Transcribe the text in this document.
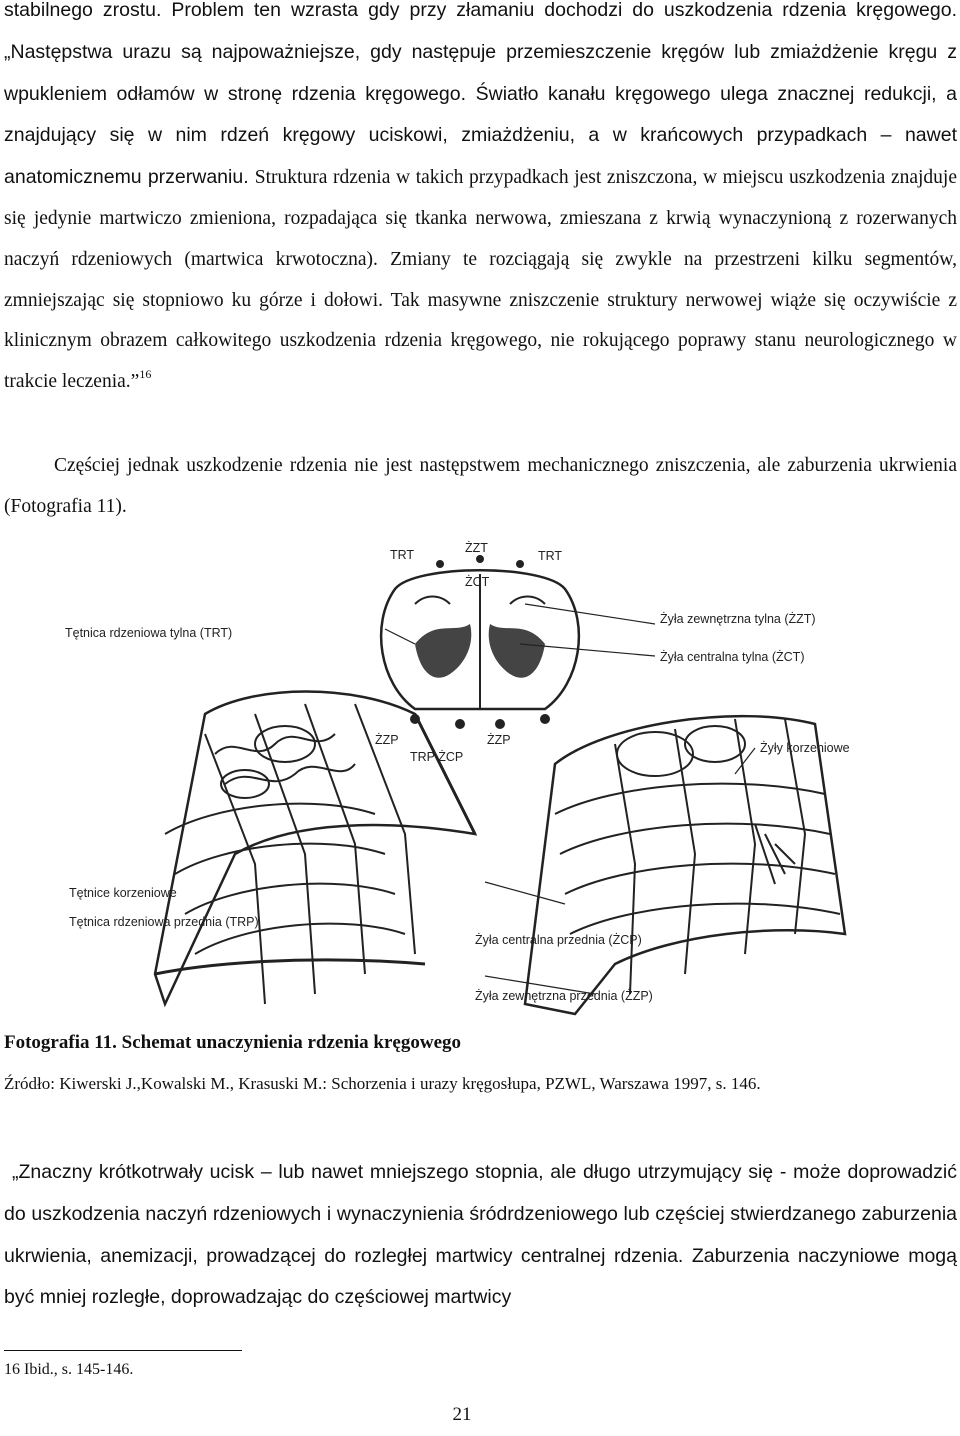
stabilnego zrostu. Problem ten wzrasta gdy przy złamaniu dochodzi do uszkodzenia rdzenia kręgowego. „Następstwa urazu są najpoważniejsze, gdy następuje przemieszczenie kręgów lub zmiażdżenie kręgu z wpukleniem odłamów w stronę rdzenia kręgowego. Światło kanału kręgowego ulega znacznej redukcji, a znajdujący się w nim rdzeń kręgowy uciskowi, zmiażdżeniu, a w krańcowych przypadkach – nawet anatomicznemu przerwaniu. Struktura rdzenia w takich przypadkach jest zniszczona, w miejscu uszkodzenia znajduje się jedynie martwiczo zmieniona, rozpadająca się tkanka nerwowa, zmieszana z krwią wynaczynioną z rozerwanych naczyń rdzeniowych (martwica krwotoczna). Zmiany te rozciągają się zwykle na przestrzeni kilku segmentów, zmniejszając się stopniowo ku górze i dołowi. Tak masywne zniszczenie struktury nerwowej wiąże się oczywiście z klinicznym obrazem całkowitego uszkodzenia rdzenia kręgowego, nie rokującego poprawy stanu neurologicznego w trakcie leczenia.”$^{16}$

Częściej jednak uszkodzenie rdzenia nie jest następstwem mechanicznego zniszczenia, ale zaburzenia ukrwienia (Fotografia 11).

TRT	ŻZT
TRT
ŻCT
Tętnica rdzeniowa tylna (TRT)
Żyła zewnętrzna tylna (ŻZT)
Żyła centralna tylna (ŻCT)
ŻZP	ŻZP
TRP ŻCP
Żyły korzeniowe
Tętnice korzeniowe
Tętnica rdzeniowa przednia (TRP)
Żyła centralna przednia (ŻCP)
Żyła zewnętrzna przednia (ŻZP)

Fotografia 11. Schemat unaczynienia rdzenia kręgowego

Źródło: Kiwerski J.,Kowalski M., Krasuski M.: Schorzenia i urazy kręgosłupa, PZWL, Warszawa 1997, s. 146.

„Znaczny krótkotrwały ucisk – lub nawet mniejszego stopnia, ale długo utrzymujący się - może doprowadzić do uszkodzenia naczyń rdzeniowych i wynaczynienia śródrdzeniowego lub częściej stwierdzanego zaburzenia ukrwienia, anemizacji, prowadzącej do rozległej martwicy centralnej rdzenia. Zaburzenia naczyniowe mogą być mniej rozległe, doprowadzając do częściowej martwicy

16 Ibid., s. 145-146.

21
